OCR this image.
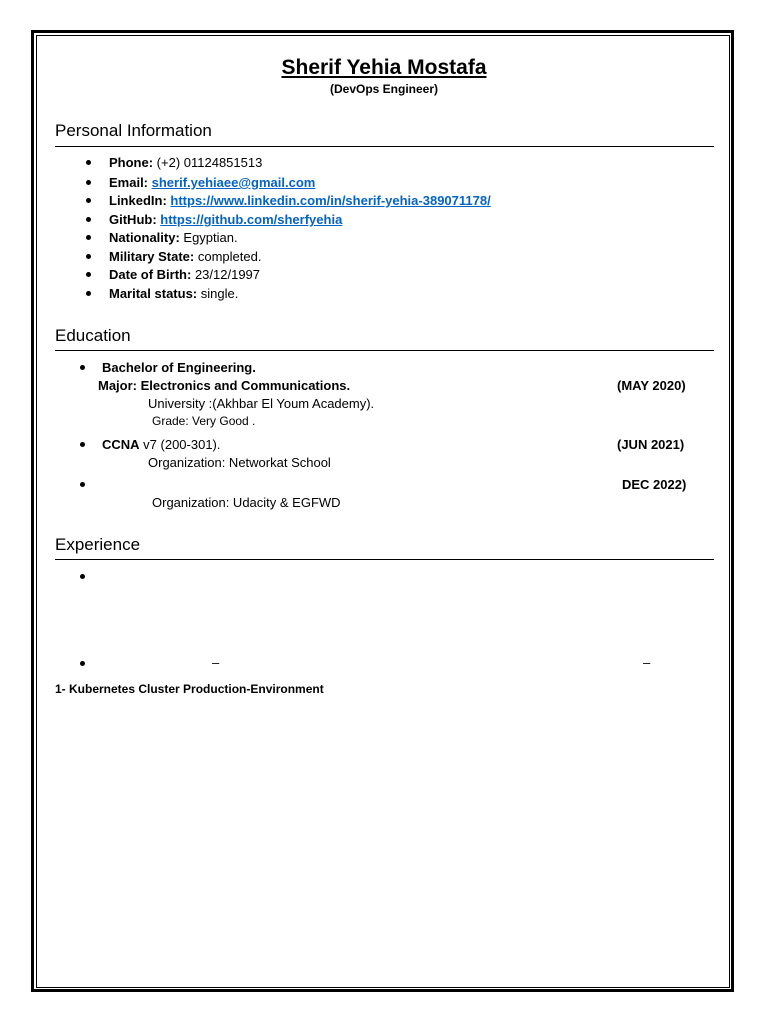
Sherif Yehia Mostafa
(DevOps Engineer)
Personal Information
Phone: (+2) 01124851513
Email: sherif.yehiaee@gmail.com
LinkedIn: https://www.linkedin.com/in/sherif-yehia-389071178/
GitHub: https://github.com/sherfyehia
Nationality: Egyptian.
Military State: completed.
Date of Birth: 23/12/1997
Marital status: single.
Education
Bachelor of Engineering.
Major: Electronics and Communications.	(MAY 2020)
University :(Akhbar El Youm Academy).
Grade: Very Good .
CCNA v7 (200-301).	(JUN 2021)
Organization: Networkat School
DEC 2022)
Organization: Udacity & EGFWD
Experience
–	–
1- Kubernetes Cluster Production-Environment
